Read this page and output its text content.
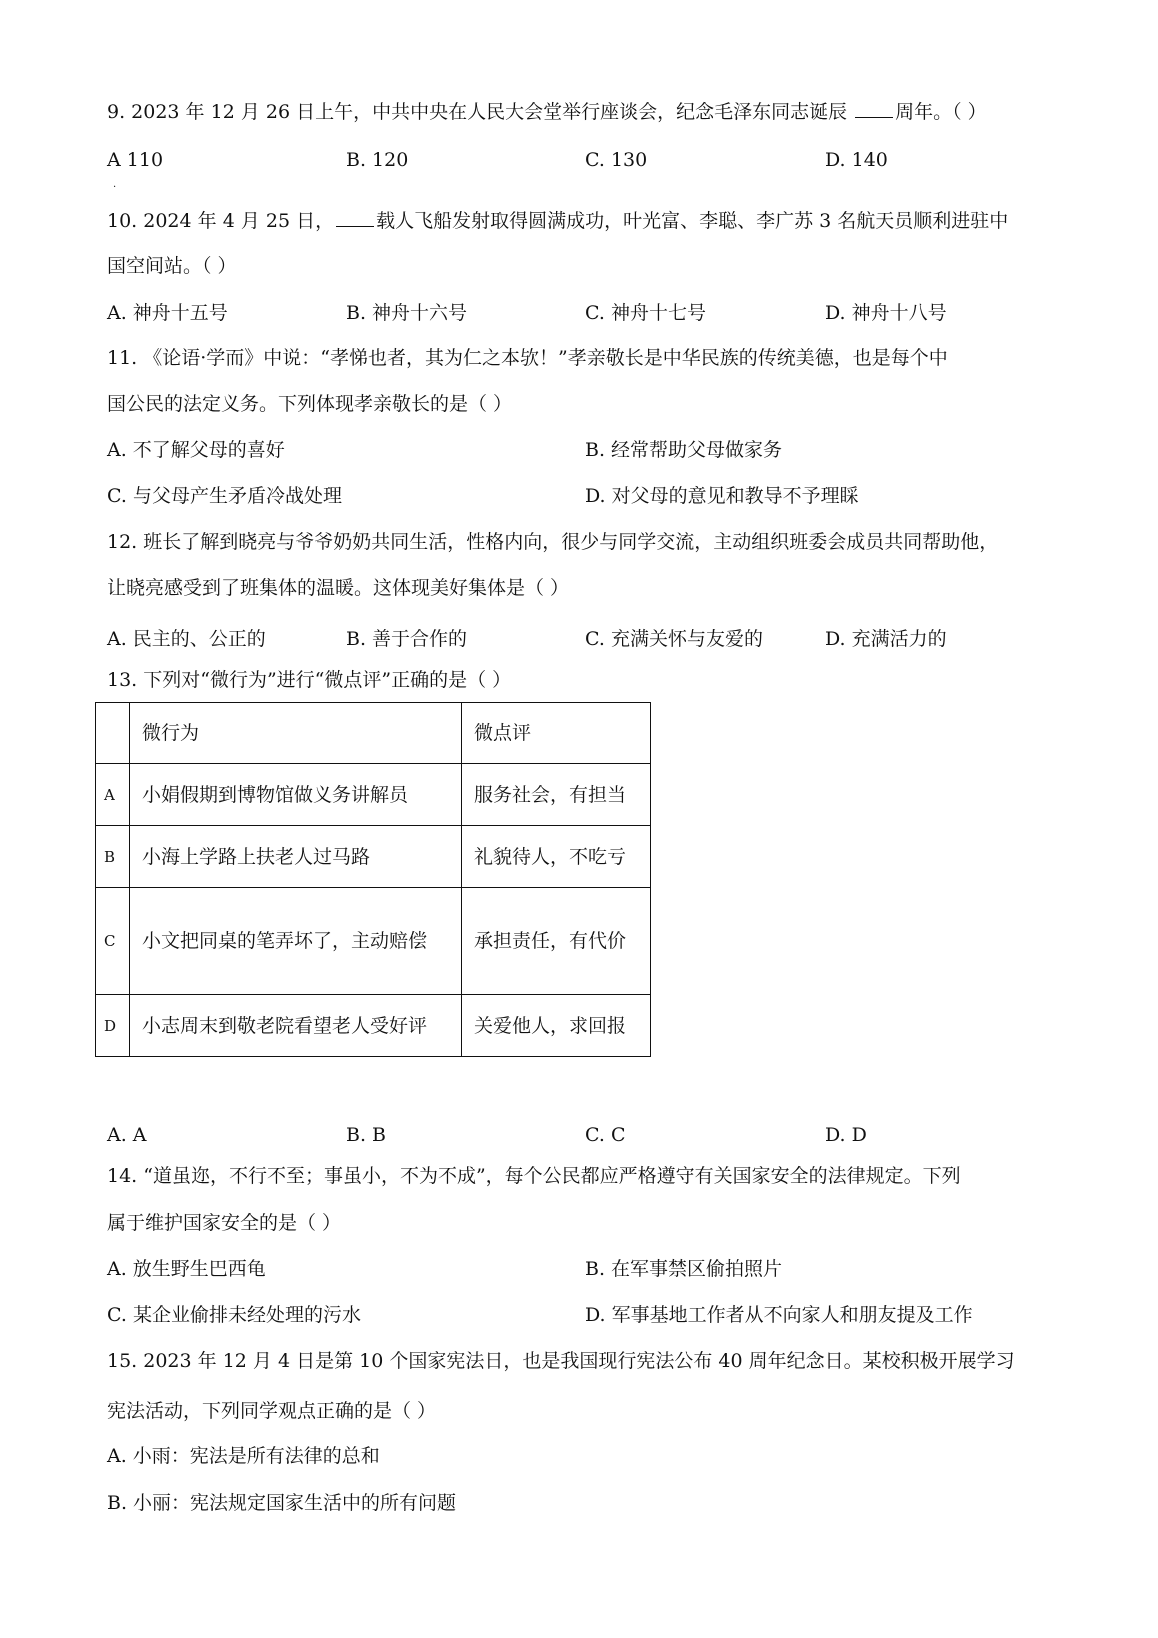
9. 2023 年 12 月 26 日上午，中共中央在人民大会堂举行座谈会，纪念毛泽东同志诞辰 周年。（ ）
A 110	B. 120	C. 130	D. 140
.
10. 2024 年 4 月 25 日， 载人飞船发射取得圆满成功，叶光富、李聪、李广苏 3 名航天员顺利进驻中
国空间站。（ ）
A. 神舟十五号	B. 神舟十六号	C. 神舟十七号	D. 神舟十八号
11. 《论语·学而》中说：“孝悌也者，其为仁之本欤！”孝亲敬长是中华民族的传统美德，也是每个中
国公民的法定义务。下列体现孝亲敬长的是（ ）
A. 不了解父母的喜好	B. 经常帮助父母做家务
C. 与父母产生矛盾冷战处理	D. 对父母的意见和教导不予理睬
12. 班长了解到晓亮与爷爷奶奶共同生活，性格内向，很少与同学交流，主动组织班委会成员共同帮助他，
让晓亮感受到了班集体的温暖。这体现美好集体是（ ）
A. 民主的、公正的	B. 善于合作的	C. 充满关怀与友爱的	D. 充满活力的
13. 下列对“微行为”进行“微点评”正确的是（ ）
	微行为	微点评
A	小娟假期到博物馆做义务讲解员	服务社会，有担当
B	小海上学路上扶老人过马路	礼貌待人，不吃亏
C	小文把同桌的笔弄坏了，主动赔偿	承担责任，有代价
D	小志周末到敬老院看望老人受好评	关爱他人，求回报
A. A	B. B	C. C	D. D
14. “道虽迩，不行不至；事虽小，不为不成”，每个公民都应严格遵守有关国家安全的法律规定。下列
属于维护国家安全的是（ ）
A. 放生野生巴西龟	B. 在军事禁区偷拍照片
C. 某企业偷排未经处理的污水	D. 军事基地工作者从不向家人和朋友提及工作
15. 2023 年 12 月 4 日是第 10 个国家宪法日，也是我国现行宪法公布 40 周年纪念日。某校积极开展学习
宪法活动，下列同学观点正确的是（ ）
A. 小雨：宪法是所有法律的总和
B. 小丽：宪法规定国家生活中的所有问题
